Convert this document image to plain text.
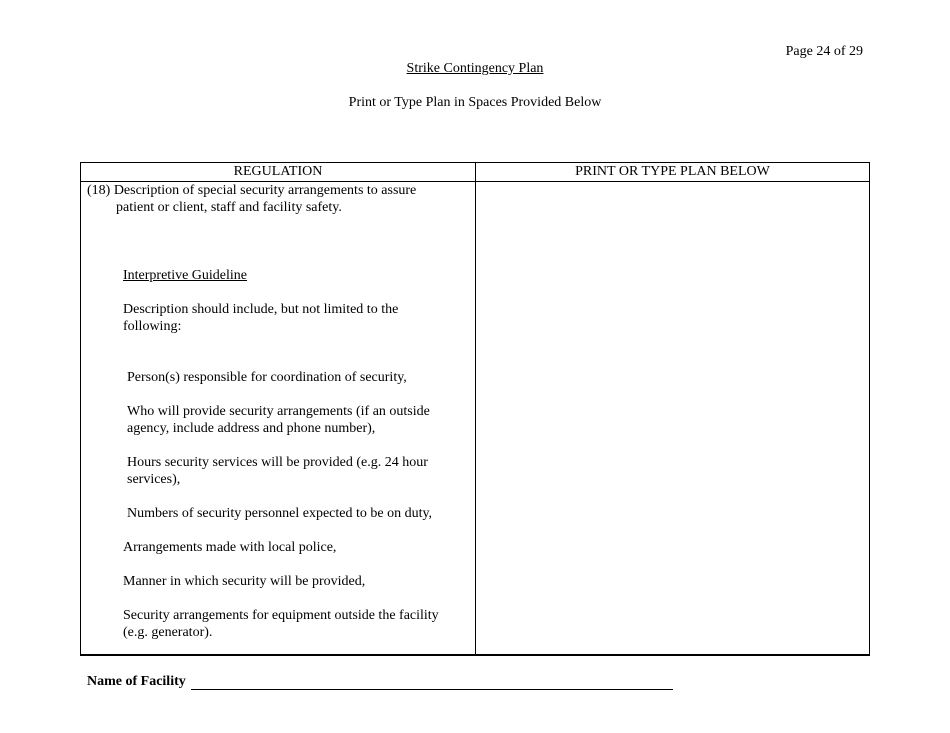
Page 24 of 29
Strike Contingency Plan
Print or Type Plan in Spaces Provided Below
REGULATION	PRINT OR TYPE PLAN BELOW
(18) Description of special security arrangements to assure
patient or client, staff and facility safety.
Interpretive Guideline
Description should include, but not limited to the
following:
Person(s) responsible for coordination of security,
Who will provide security arrangements (if an outside
agency, include address and phone number),
Hours security services will be provided (e.g. 24 hour
services),
Numbers of security personnel expected to be on duty,
Arrangements made with local police,
Manner in which security will be provided,
Security arrangements for equipment outside the facility
(e.g. generator).
Name of Facility
